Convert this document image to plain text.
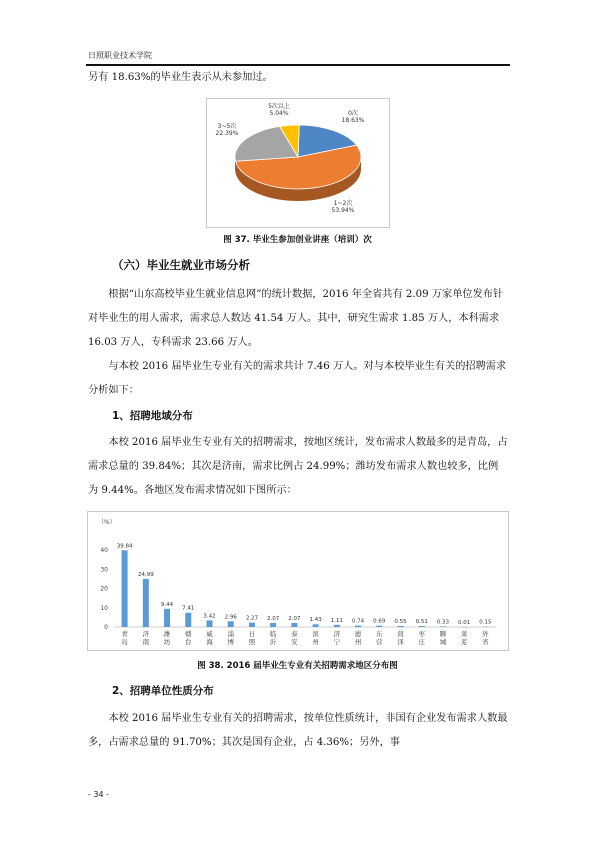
日照职业技术学院
另有 18.63%的毕业生表示从未参加过。
0次
18.63%
1~2次
53.94%
3~5次
22.39%
5次以上
5.04%
图 37. 毕业生参加创业讲座（培训）次
（六）毕业生就业市场分析
根据“山东高校毕业生就业信息网”的统计数据，2016 年全省共有 2.09 万家单位发布针对毕业生的用人需求，需求总人数达 41.54 万人。其中，研究生需求 1.85 万人，本科需求 16.03 万人，专科需求 23.66 万人。
与本校 2016 届毕业生专业有关的需求共计 7.46 万人。对与本校毕业生有关的招聘需求分析如下：
1、招聘地域分布
本校 2016 届毕业生专业有关的招聘需求，按地区统计，发布需求人数最多的是青岛，占需求总量的 39.84%；其次是济南，需求比例占 24.99%；潍坊发布需求人数也较多，比例为 9.44%。各地区发布需求情况如下图所示：
（%）
0
10
20
30
40
39.84
青
岛
24.99
济
南
9.44
潍
坊
7.41
烟
台
3.42
威
海
2.96
淄
博
2.27
日
照
2.07
临
沂
2.07
泰
安
1.43
滨
州
1.11
济
宁
0.74
德
州
0.69
东
营
0.55
菏
泽
0.51
枣
庄
0.33
聊
城
0.01
莱
芜
0.15
外
省
图 38. 2016 届毕业生专业有关招聘需求地区分布图
2、招聘单位性质分布
本校 2016 届毕业生专业有关的招聘需求，按单位性质统计，非国有企业发布需求人数最多，占需求总量的 91.70%；其次是国有企业，占 4.36%；另外，事
- 34 -
